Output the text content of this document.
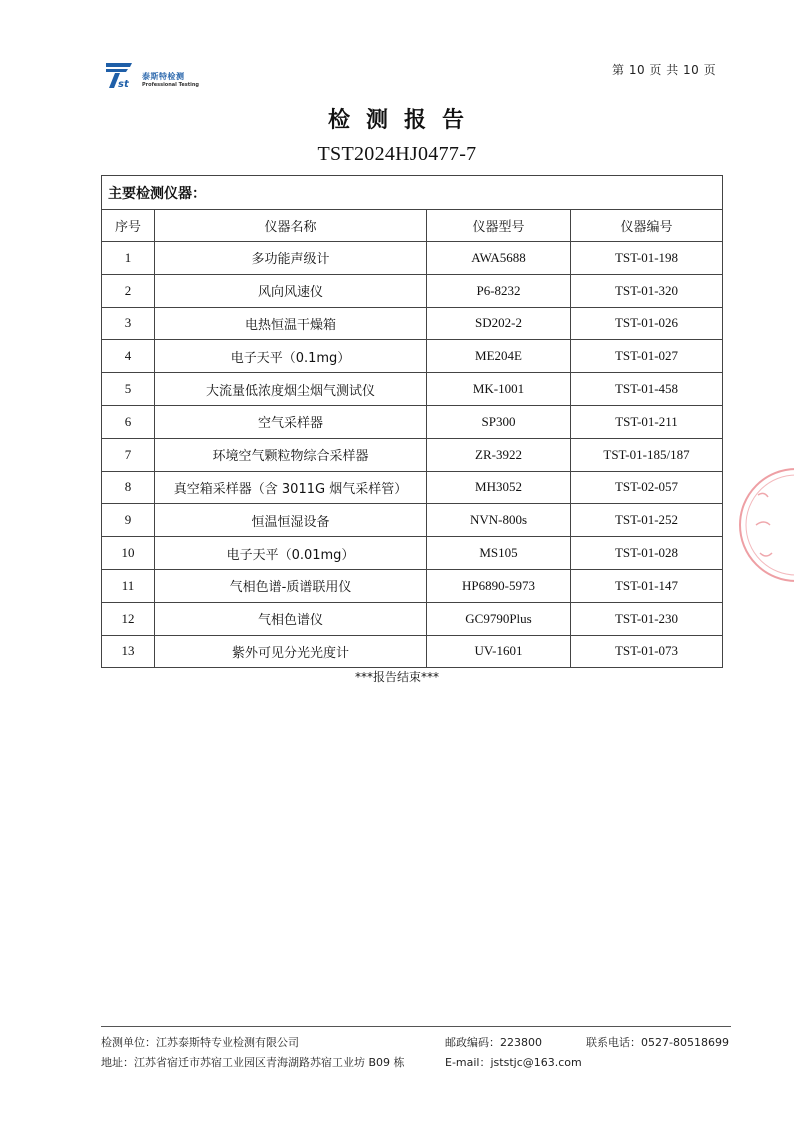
st
泰斯特检测
Professional Testing
第 10 页 共 10 页
检测报告
TST2024HJ0477-7
主要检测仪器：			
序号	仪器名称	仪器型号	仪器编号
1	多功能声级计	AWA5688	TST-01-198
2	风向风速仪	P6-8232	TST-01-320
3	电热恒温干燥箱	SD202-2	TST-01-026
4	电子天平（0.1mg）	ME204E	TST-01-027
5	大流量低浓度烟尘烟气测试仪	MK-1001	TST-01-458
6	空气采样器	SP300	TST-01-211
7	环境空气颗粒物综合采样器	ZR-3922	TST-01-185/187
8	真空箱采样器（含 3011G 烟气采样管）	MH3052	TST-02-057
9	恒温恒湿设备	NVN-800s	TST-01-252
10	电子天平（0.01mg）	MS105	TST-01-028
11	气相色谱-质谱联用仪	HP6890-5973	TST-01-147
12	气相色谱仪	GC9790Plus	TST-01-230
13	紫外可见分光光度计	UV-1601	TST-01-073
***报告结束***
检测单位：江苏泰斯特专业检测有限公司	邮政编码：223800	联系电话：0527-80518699
地址：江苏省宿迁市苏宿工业园区青海湖路苏宿工业坊 B09 栋	E-mail：jststjc@163.com
